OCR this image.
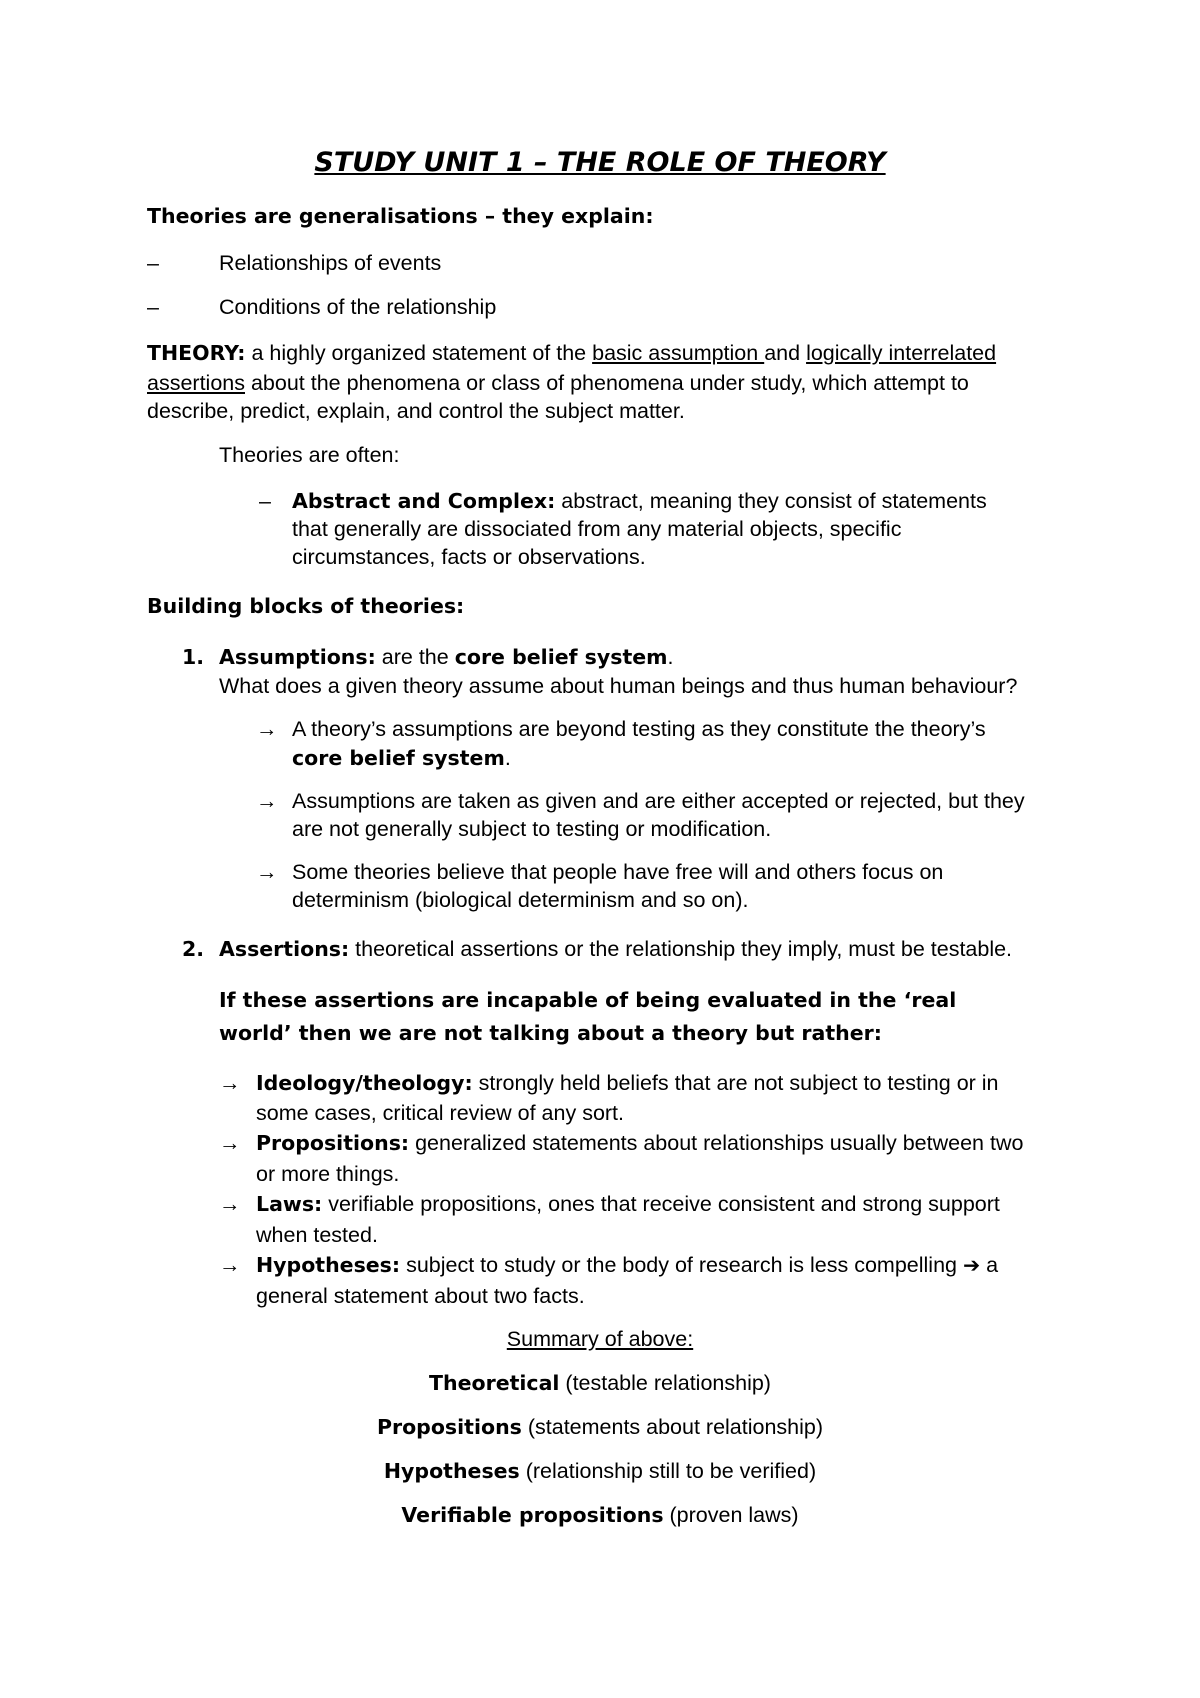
STUDY UNIT 1 – THE ROLE OF THEORY
Theories are generalisations – they explain:
–	Relationships of events
–	Conditions of the relationship
THEORY: a highly organized statement of the basic assumption and logically interrelated
assertions about the phenomena or class of phenomena under study, which attempt to
describe, predict, explain, and control the subject matter.
Theories are often:
– Abstract and Complex: abstract, meaning they consist of statements
that generally are dissociated from any material objects, specific
circumstances, facts or observations.
Building blocks of theories:
1. Assumptions: are the core belief system.
What does a given theory assume about human beings and thus human behaviour?
→ A theory’s assumptions are beyond testing as they constitute the theory’s
core belief system.
→ Assumptions are taken as given and are either accepted or rejected, but they
are not generally subject to testing or modification.
→ Some theories believe that people have free will and others focus on
determinism (biological determinism and so on).
2. Assertions: theoretical assertions or the relationship they imply, must be testable.
If these assertions are incapable of being evaluated in the ‘real
world’ then we are not talking about a theory but rather:
→ Ideology/theology: strongly held beliefs that are not subject to testing or in
some cases, critical review of any sort.
→ Propositions: generalized statements about relationships usually between two
or more things.
→ Laws: verifiable propositions, ones that receive consistent and strong support
when tested.
→ Hypotheses: subject to study or the body of research is less compelling ➔ a
general statement about two facts.
Summary of above:
Theoretical (testable relationship)
Propositions (statements about relationship)
Hypotheses (relationship still to be verified)
Verifiable propositions (proven laws)
